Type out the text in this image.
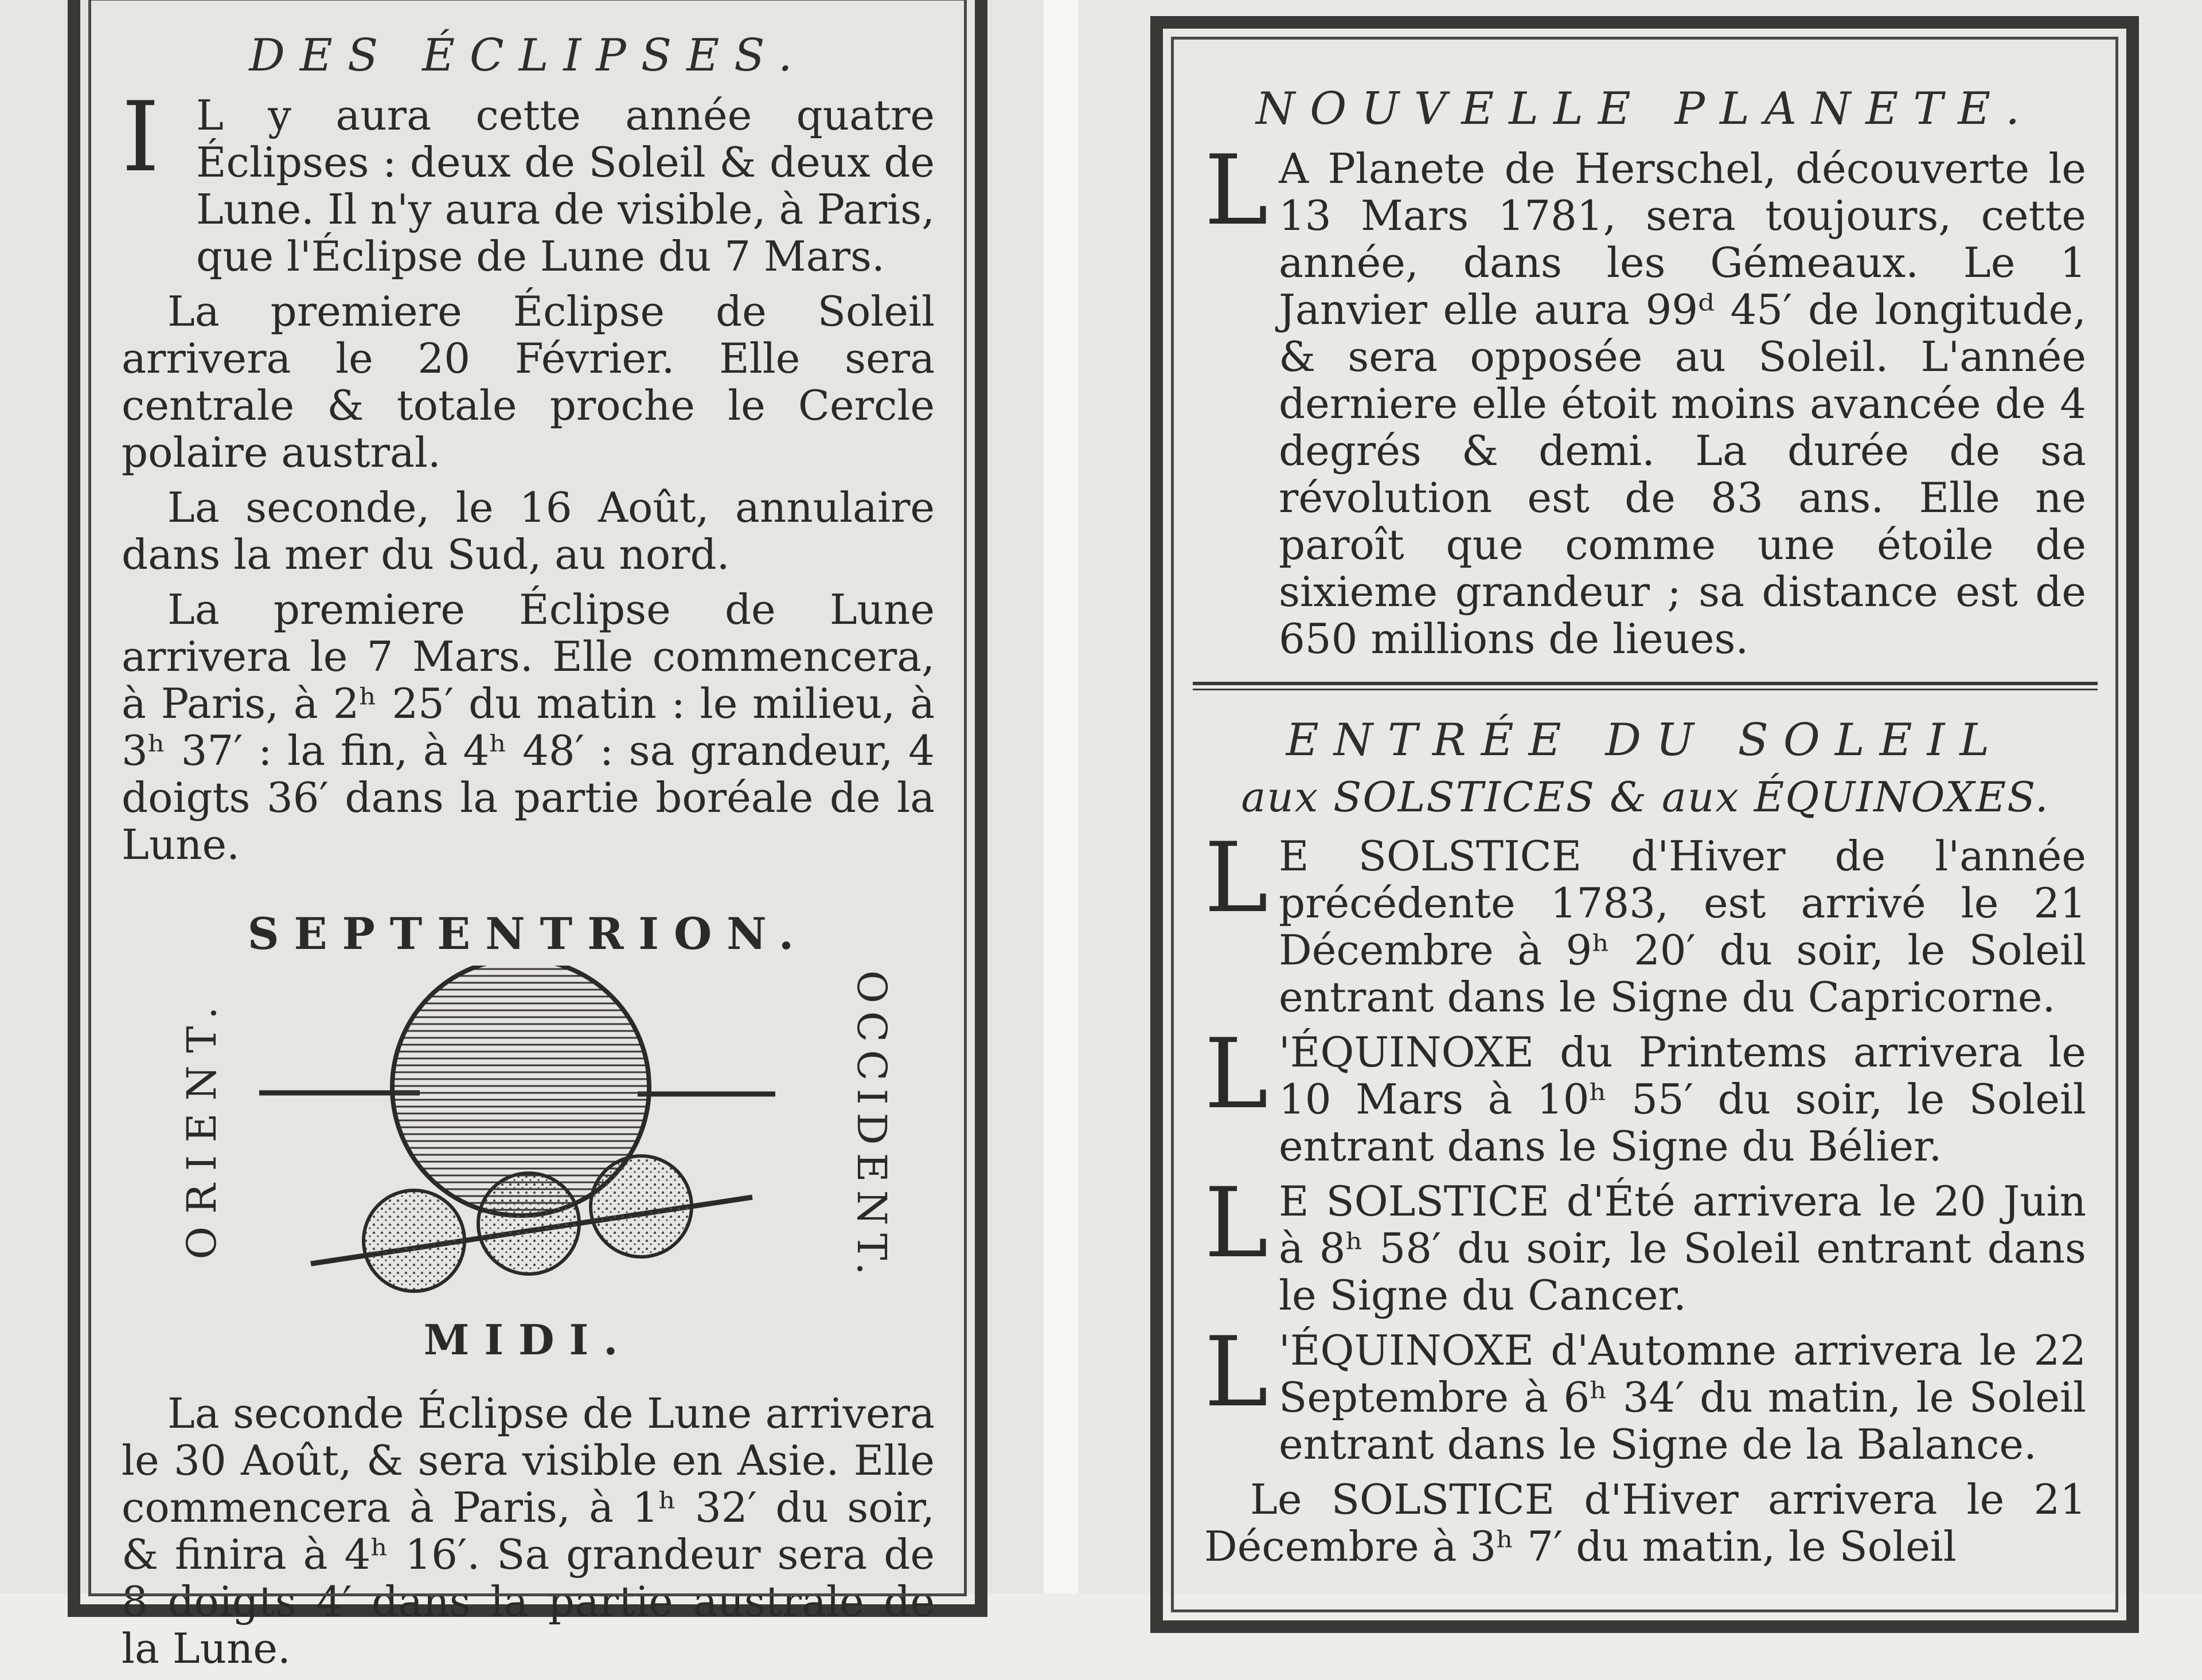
DES ÉCLIPSES.

I L y aura cette année quatre Éclipses : deux de Soleil & deux de Lune. Il n'y aura de visible, à Paris, que l'Éclipse de Lune du 7 Mars.

La premiere Éclipse de Soleil arrivera le 20 Février. Elle sera centrale & totale proche le Cercle polaire austral.

La seconde, le 16 Août, annulaire dans la mer du Sud, au nord.

La premiere Éclipse de Lune arrivera le 7 Mars. Elle commencera, à Paris, à 2ʰ 25′ du matin : le milieu, à 3ʰ 37′ : la fin, à 4ʰ 48′ : sa grandeur, 4 doigts 36′ dans la partie boréale de la Lune.

SEPTENTRION.
ORIENT.	OCCIDENT.
MIDI.

La seconde Éclipse de Lune arrivera le 30 Août, & sera visible en Asie. Elle commencera à Paris, à 1ʰ 32′ du soir, & finira à 4ʰ 16′. Sa grandeur sera de 8 doigts 4′ dans la partie australe de la Lune.

NOUVELLE PLANETE.

L A Planete de Herschel, découverte le 13 Mars 1781, sera toujours, cette année, dans les Gémeaux. Le 1 Janvier elle aura 99ᵈ 45′ de longitude, & sera opposée au Soleil. L'année derniere elle étoit moins avancée de 4 degrés & demi. La durée de sa révolution est de 83 ans. Elle ne paroît que comme une étoile de sixieme grandeur ; sa distance est de 650 millions de lieues.

ENTRÉE DU SOLEIL
aux SOLSTICES & aux ÉQUINOXES.

L E SOLSTICE d'Hiver de l'année précédente 1783, est arrivé le 21 Décembre à 9ʰ 20′ du soir, le Soleil entrant dans le Signe du Capricorne.

L 'ÉQUINOXE du Printems arrivera le 10 Mars à 10ʰ 55′ du soir, le Soleil entrant dans le Signe du Bélier.

L E SOLSTICE d'Été arrivera le 20 Juin à 8ʰ 58′ du soir, le Soleil entrant dans le Signe du Cancer.

L 'ÉQUINOXE d'Automne arrivera le 22 Septembre à 6ʰ 34′ du matin, le Soleil entrant dans le Signe de la Balance.

Le SOLSTICE d'Hiver arrivera le 21 Décembre à 3ʰ 7′ du matin, le Soleil
